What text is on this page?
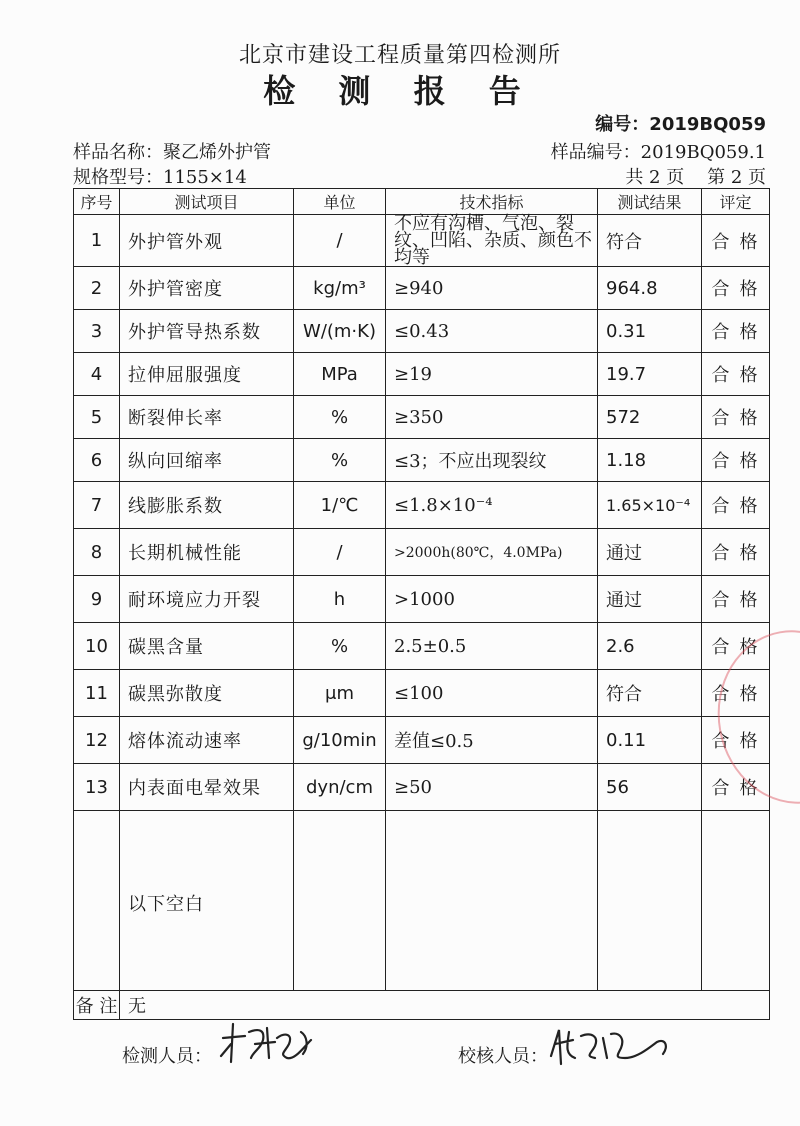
北京市建设工程质量第四检测所
检 测 报 告
编号：2019BQ059
样品名称：聚乙烯外护管	样品编号：2019BQ059.1
规格型号：1155×14	共 2 页    第 2 页
序号	测试项目	单位	技术指标	测试结果	评定
1	外护管外观	/	不应有沟槽、气泡、裂纹、凹陷、杂质、颜色不均等	符合	合格
2	外护管密度	kg/m³	≥940	964.8	合格
3	外护管导热系数	W/(m·K)	≤0.43	0.31	合格
4	拉伸屈服强度	MPa	≥19	19.7	合格
5	断裂伸长率	%	≥350	572	合格
6	纵向回缩率	%	≤3；不应出现裂纹	1.18	合格
7	线膨胀系数	1/℃	≤1.8×10⁻⁴	1.65×10⁻⁴	合格
8	长期机械性能	/	>2000h(80℃，4.0MPa)	通过	合格
9	耐环境应力开裂	h	>1000	通过	合格
10	碳黑含量	%	2.5±0.5	2.6	合格
11	碳黑弥散度	μm	≤100	符合	合格
12	熔体流动速率	g/10min	差值≤0.5	0.11	合格
13	内表面电晕效果	dyn/cm	≥50	56	合格
	以下空白				
备 注	无				
检测人员：	校核人员：
